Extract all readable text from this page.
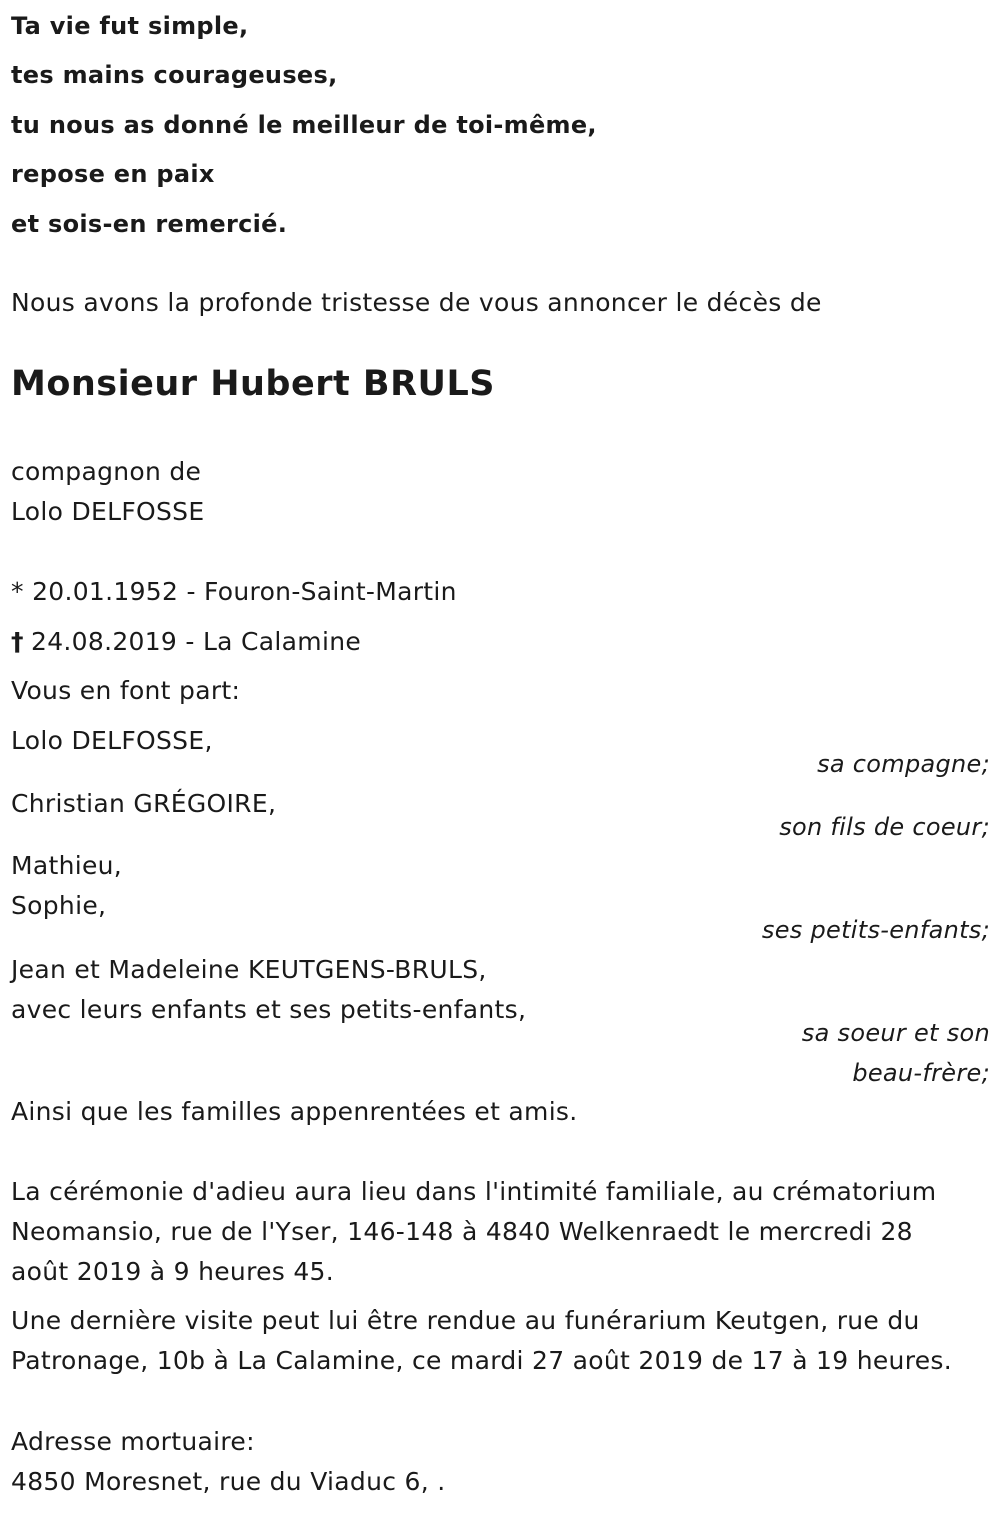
Ta vie fut simple,

tes mains courageuses,

tu nous as donné le meilleur de toi-même,

repose en paix

et sois-en remercié.

Nous avons la profonde tristesse de vous annoncer le décès de

Monsieur Hubert BRULS

compagnon de

Lolo DELFOSSE

* 20.01.1952 - Fouron-Saint-Martin

† 24.08.2019 - La Calamine

Vous en font part:

Lolo DELFOSSE,

sa compagne;

Christian GRÉGOIRE,

son fils de coeur;

Mathieu,

Sophie,

ses petits-enfants;

Jean et Madeleine KEUTGENS-BRULS,

avec leurs enfants et ses petits-enfants,

sa soeur et son

beau-frère;

Ainsi que les familles appenrentées et amis.

La cérémonie d'adieu aura lieu dans l'intimité familiale, au crématorium

Neomansio, rue de l'Yser, 146-148 à 4840 Welkenraedt le mercredi 28

août 2019 à 9 heures 45.

Une dernière visite peut lui être rendue au funérarium Keutgen, rue du

Patronage, 10b à La Calamine, ce mardi 27 août 2019 de 17 à 19 heures.

Adresse mortuaire:

4850 Moresnet, rue du Viaduc 6, .
